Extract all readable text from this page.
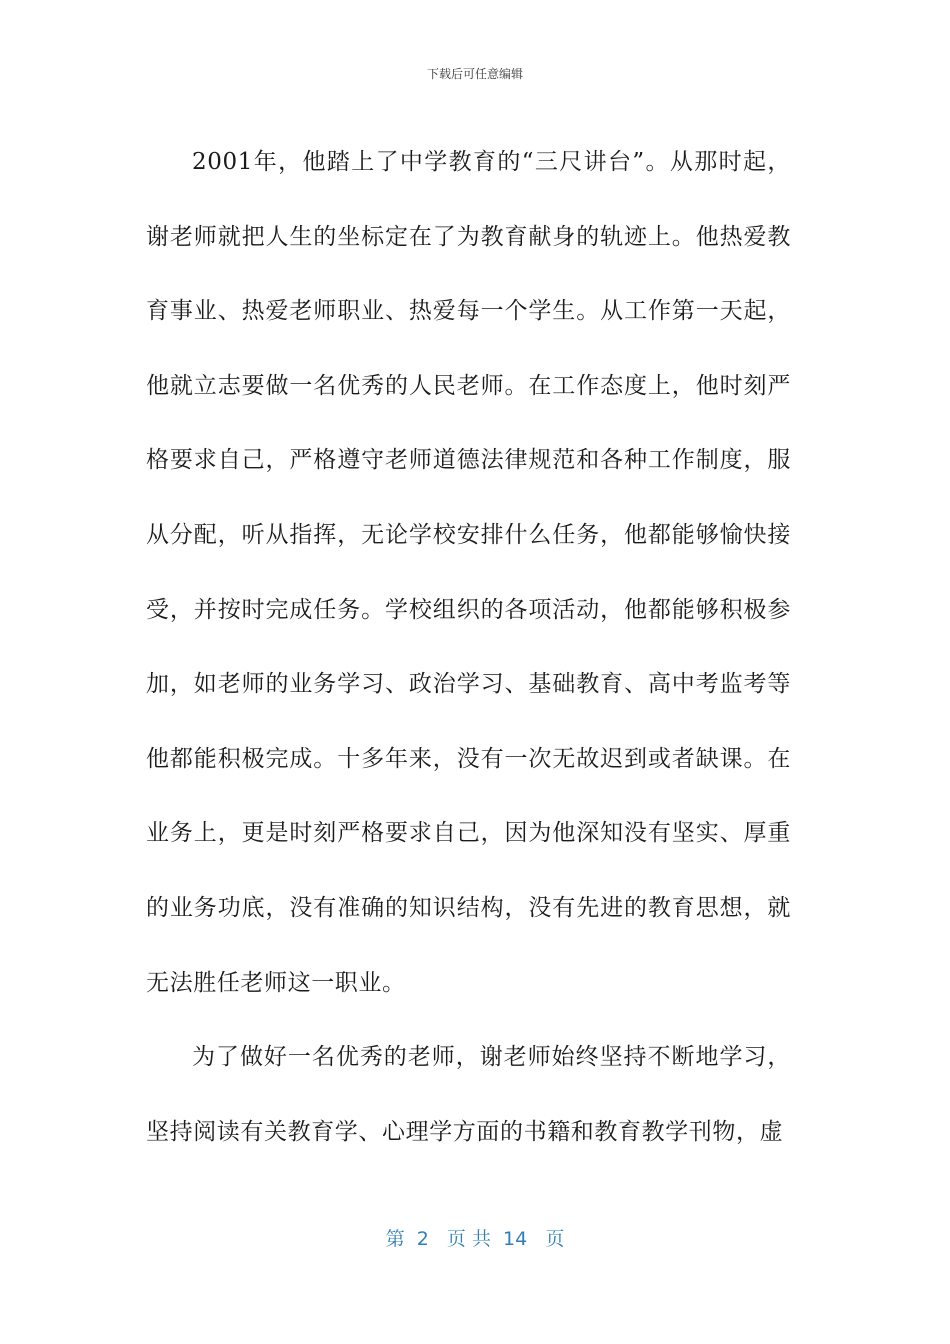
下载后可任意编辑

2001年，他踏上了中学教育的“三尺讲台”。从那时起，谢老师就把人生的坐标定在了为教育献身的轨迹上。他热爱教育事业、热爱老师职业、热爱每一个学生。从工作第一天起，他就立志要做一名优秀的人民老师。在工作态度上，他时刻严格要求自己，严格遵守老师道德法律规范和各种工作制度，服从分配，听从指挥，无论学校安排什么任务，他都能够愉快接受，并按时完成任务。学校组织的各项活动，他都能够积极参加，如老师的业务学习、政治学习、基础教育、高中考监考等他都能积极完成。十多年来，没有一次无故迟到或者缺课。在业务上，更是时刻严格要求自己，因为他深知没有坚实、厚重的业务功底，没有准确的知识结构，没有先进的教育思想，就无法胜任老师这一职业。

为了做好一名优秀的老师，谢老师始终坚持不断地学习，坚持阅读有关教育学、心理学方面的书籍和教育教学刊物，虚

第  2   页 共  14   页
